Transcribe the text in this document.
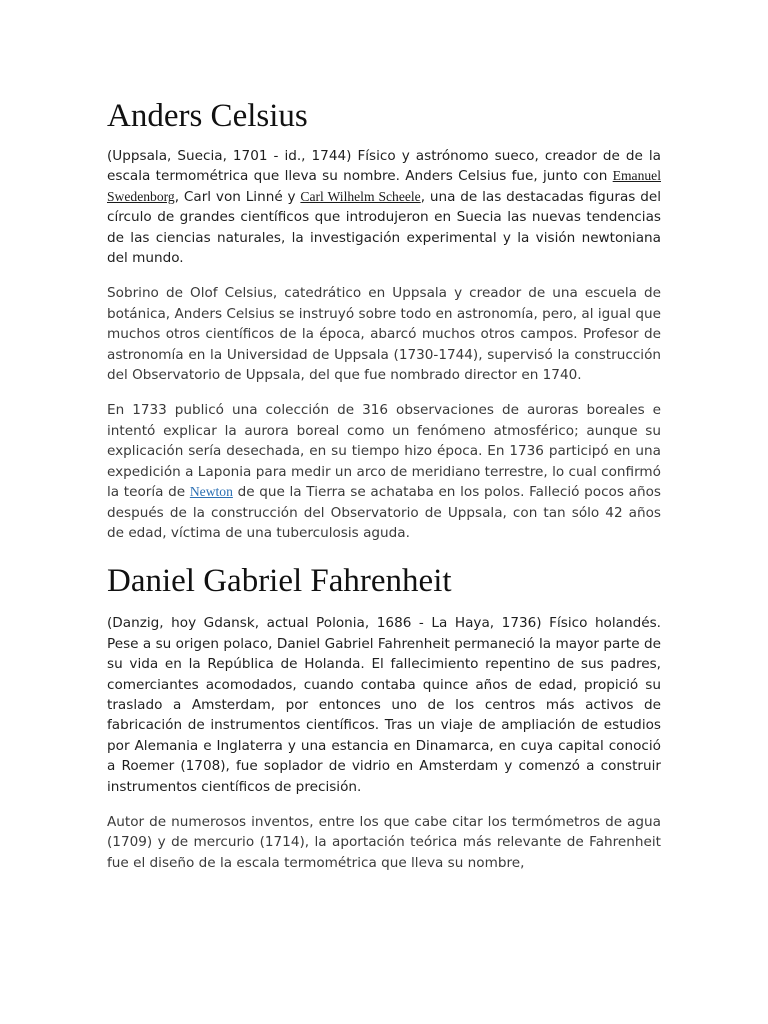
Anders Celsius

(Uppsala, Suecia, 1701 - id., 1744) Físico y astrónomo sueco, creador de de la escala termométrica que lleva su nombre. Anders Celsius fue, junto con Emanuel Swedenborg, Carl von Linné y Carl Wilhelm Scheele, una de las destacadas figuras del círculo de grandes científicos que introdujeron en Suecia las nuevas tendencias de las ciencias naturales, la investigación experimental y la visión newtoniana del mundo.

Sobrino de Olof Celsius, catedrático en Uppsala y creador de una escuela de botánica, Anders Celsius se instruyó sobre todo en astronomía, pero, al igual que muchos otros científicos de la época, abarcó muchos otros campos. Profesor de astronomía en la Universidad de Uppsala (1730-1744), supervisó la construcción del Observatorio de Uppsala, del que fue nombrado director en 1740.

En 1733 publicó una colección de 316 observaciones de auroras boreales e intentó explicar la aurora boreal como un fenómeno atmosférico; aunque su explicación sería desechada, en su tiempo hizo época. En 1736 participó en una expedición a Laponia para medir un arco de meridiano terrestre, lo cual confirmó la teoría de Newton de que la Tierra se achataba en los polos. Falleció pocos años después de la construcción del Observatorio de Uppsala, con tan sólo 42 años de edad, víctima de una tuberculosis aguda.

Daniel Gabriel Fahrenheit

(Danzig, hoy Gdansk, actual Polonia, 1686 - La Haya, 1736) Físico holandés. Pese a su origen polaco, Daniel Gabriel Fahrenheit permaneció la mayor parte de su vida en la República de Holanda. El fallecimiento repentino de sus padres, comerciantes acomodados, cuando contaba quince años de edad, propició su traslado a Amsterdam, por entonces uno de los centros más activos de fabricación de instrumentos científicos. Tras un viaje de ampliación de estudios por Alemania e Inglaterra y una estancia en Dinamarca, en cuya capital conoció a Roemer (1708), fue soplador de vidrio en Amsterdam y comenzó a construir instrumentos científicos de precisión.

Autor de numerosos inventos, entre los que cabe citar los termómetros de agua (1709) y de mercurio (1714), la aportación teórica más relevante de Fahrenheit fue el diseño de la escala termométrica que lleva su nombre,
